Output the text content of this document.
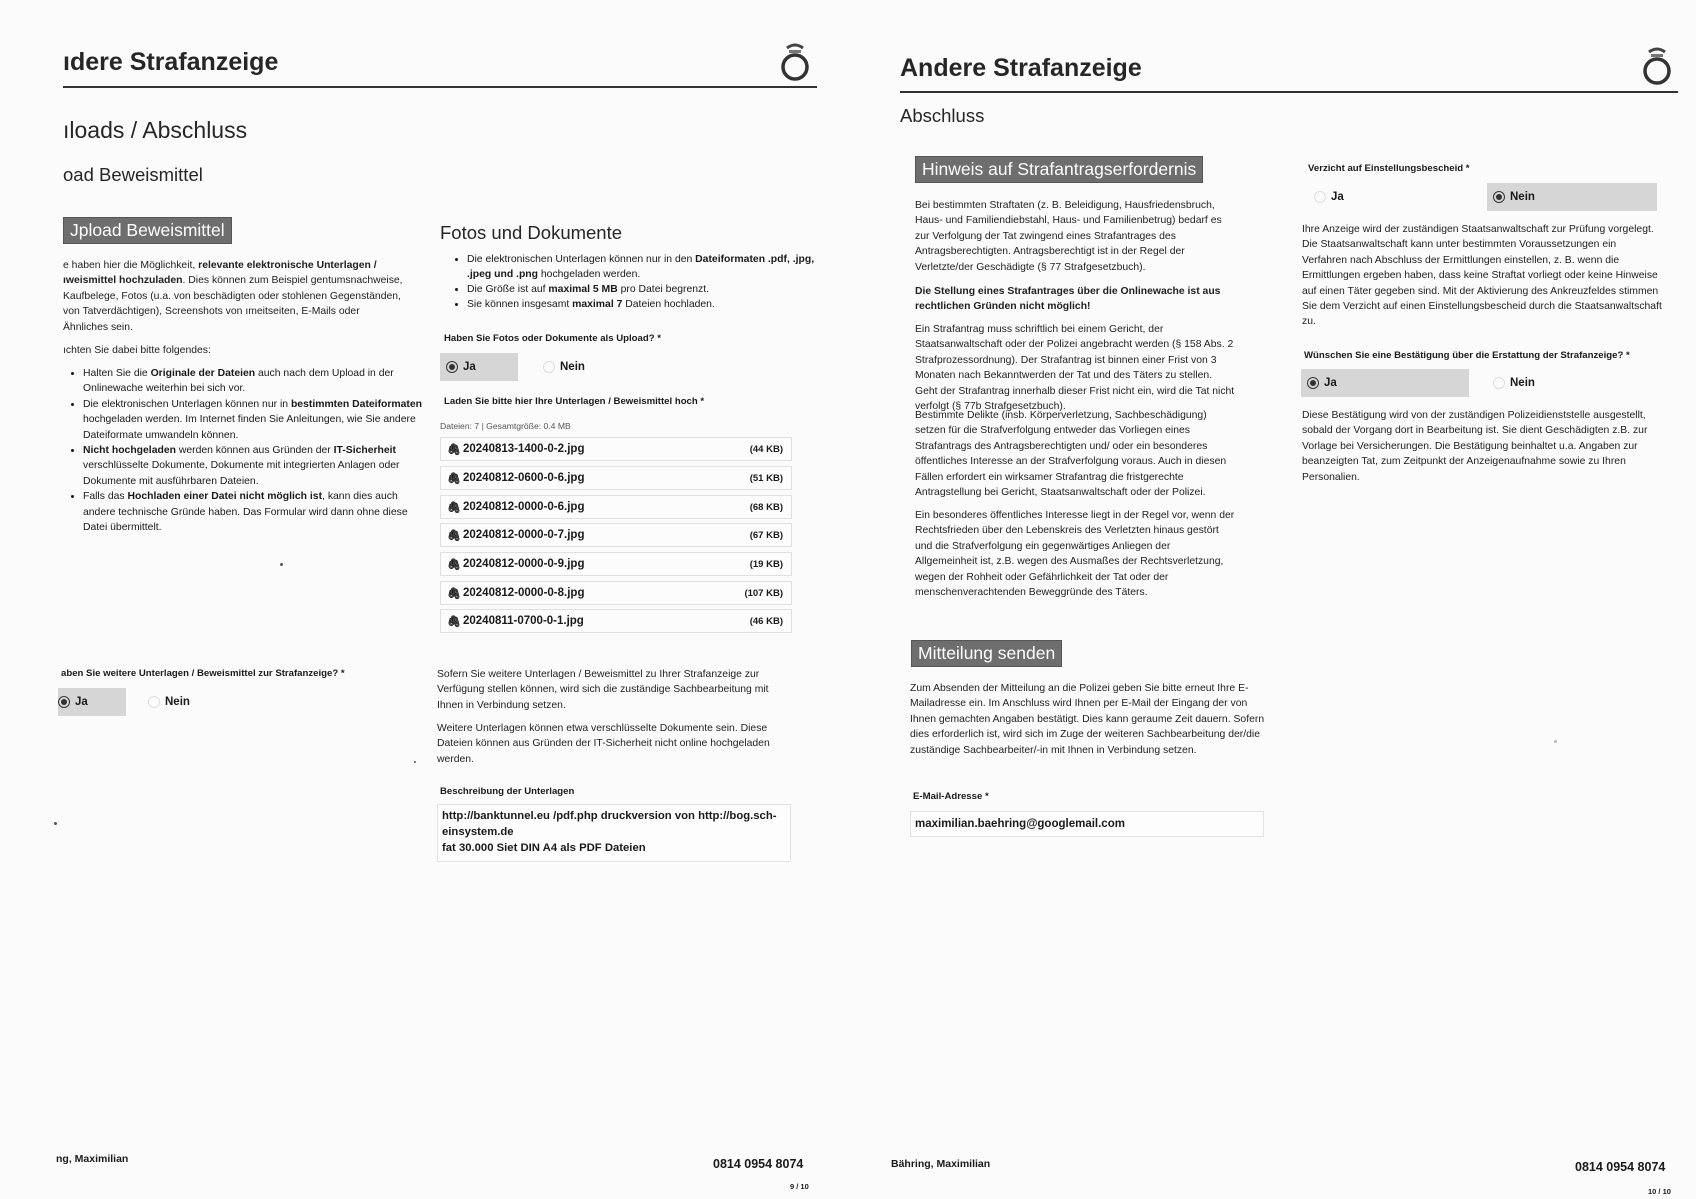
ıdere Strafanzeige
ıloads / Abschluss
oad Beweismittel
Jpload Beweismittel
e haben hier die Möglichkeit, relevante elektronische Unterlagen / ıweismittel hochzuladen. Dies können zum Beispiel gentumsnachweise, Kaufbelege, Fotos (u.a. von beschädigten oder stohlenen Gegenständen, von Tatverdächtigen), Screenshots von ımeitseiten, E-Mails oder Ähnliches sein.
ıchten Sie dabei bitte folgendes:
• Halten Sie die Originale der Dateien auch nach dem Upload in der Onlinewache weiterhin bei sich vor.
• Die elektronischen Unterlagen können nur in bestimmten Dateiformaten hochgeladen werden. Im Internet finden Sie Anleitungen, wie Sie andere Dateiformate umwandeln können.
• Nicht hochgeladen werden können aus Gründen der IT-Sicherheit verschlüsselte Dokumente, Dokumente mit integrierten Anlagen oder Dokumente mit ausführbaren Dateien.
• Falls das Hochladen einer Datei nicht möglich ist, kann dies auch andere technische Gründe haben. Das Formular wird dann ohne diese Datei übermittelt.
Fotos und Dokumente
• Die elektronischen Unterlagen können nur in den Dateiformaten .pdf, .jpg, .jpeg und .png hochgeladen werden.
• Die Größe ist auf maximal 5 MB pro Datei begrenzt.
• Sie können insgesamt maximal 7 Dateien hochladen.
Haben Sie Fotos oder Dokumente als Upload? *
Ja	Nein
Laden Sie bitte hier Ihre Unterlagen / Beweismittel hoch *
Dateien: 7 | Gesamtgröße: 0.4 MB
🖇 20240813-1400-0-2.jpg	(44 KB)
🖇 20240812-0600-0-6.jpg	(51 KB)
🖇 20240812-0000-0-6.jpg	(68 KB)
🖇 20240812-0000-0-7.jpg	(67 KB)
🖇 20240812-0000-0-9.jpg	(19 KB)
🖇 20240812-0000-0-8.jpg	(107 KB)
🖇 20240811-0700-0-1.jpg	(46 KB)
aben Sie weitere Unterlagen / Beweismittel zur Strafanzeige? *
Ja	Nein
Sofern Sie weitere Unterlagen / Beweismittel zu Ihrer Strafanzeige zur Verfügung stellen können, wird sich die zuständige Sachbearbeitung mit Ihnen in Verbindung setzen.
Weitere Unterlagen können etwa verschlüsselte Dokumente sein. Diese Dateien können aus Gründen der IT-Sicherheit nicht online hochgeladen werden.
Beschreibung der Unterlagen
http://banktunnel.eu /pdf.php druckversion von http://bog.sch-
einsystem.de
fat 30.000 Siet DIN A4 als PDF Dateien
ng, Maximilian	0814 0954 8074
9 / 10
Andere Strafanzeige
Abschluss
Hinweis auf Strafantragserfordernis
Bei bestimmten Straftaten (z. B. Beleidigung, Hausfriedensbruch, Haus- und Familiendiebstahl, Haus- und Familienbetrug) bedarf es zur Verfolgung der Tat zwingend eines Strafantrages des Antragsberechtigten. Antragsberechtigt ist in der Regel der Verletzte/der Geschädigte (§ 77 Strafgesetzbuch).
Die Stellung eines Strafantrages über die Onlinewache ist aus rechtlichen Gründen nicht möglich!
Ein Strafantrag muss schriftlich bei einem Gericht, der Staatsanwaltschaft oder der Polizei angebracht werden (§ 158 Abs. 2 Strafprozessordnung). Der Strafantrag ist binnen einer Frist von 3 Monaten nach Bekanntwerden der Tat und des Täters zu stellen. Geht der Strafantrag innerhalb dieser Frist nicht ein, wird die Tat nicht verfolgt (§ 77b Strafgesetzbuch).
Bestimmte Delikte (insb. Körperverletzung, Sachbeschädigung) setzen für die Strafverfolgung entweder das Vorliegen eines Strafantrags des Antragsberechtigten und/ oder ein besonderes öffentliches Interesse an der Strafverfolgung voraus. Auch in diesen Fällen erfordert ein wirksamer Strafantrag die fristgerechte Antragstellung bei Gericht, Staatsanwaltschaft oder der Polizei.
Ein besonderes öffentliches Interesse liegt in der Regel vor, wenn der Rechtsfrieden über den Lebenskreis des Verletzten hinaus gestört und die Strafverfolgung ein gegenwärtiges Anliegen der Allgemeinheit ist, z.B. wegen des Ausmaßes der Rechtsverletzung, wegen der Rohheit oder Gefährlichkeit der Tat oder der menschenverachtenden Beweggründe des Täters.
Verzicht auf Einstellungsbescheid *
Ja	Nein
Ihre Anzeige wird der zuständigen Staatsanwaltschaft zur Prüfung vorgelegt. Die Staatsanwaltschaft kann unter bestimmten Voraussetzungen ein Verfahren nach Abschluss der Ermittlungen einstellen, z. B. wenn die Ermittlungen ergeben haben, dass keine Straftat vorliegt oder keine Hinweise auf einen Täter gegeben sind. Mit der Aktivierung des Ankreuzfeldes stimmen Sie dem Verzicht auf einen Einstellungsbescheid durch die Staatsanwaltschaft zu.
Wünschen Sie eine Bestätigung über die Erstattung der Strafanzeige? *
Ja	Nein
Diese Bestätigung wird von der zuständigen Polizeidienststelle ausgestellt, sobald der Vorgang dort in Bearbeitung ist. Sie dient Geschädigten z.B. zur Vorlage bei Versicherungen. Die Bestätigung beinhaltet u.a. Angaben zur beanzeigten Tat, zum Zeitpunkt der Anzeigenaufnahme sowie zu Ihren Personalien.
Mitteilung senden
Zum Absenden der Mitteilung an die Polizei geben Sie bitte erneut Ihre E-Mailadresse ein. Im Anschluss wird Ihnen per E-Mail der Eingang der von Ihnen gemachten Angaben bestätigt. Dies kann geraume Zeit dauern. Sofern dies erforderlich ist, wird sich im Zuge der weiteren Sachbearbeitung der/die zuständige Sachbearbeiter/-in mit Ihnen in Verbindung setzen.
E-Mail-Adresse *
maximilian.baehring@googlemail.com
Bähring, Maximilian	0814 0954 8074
10 / 10
